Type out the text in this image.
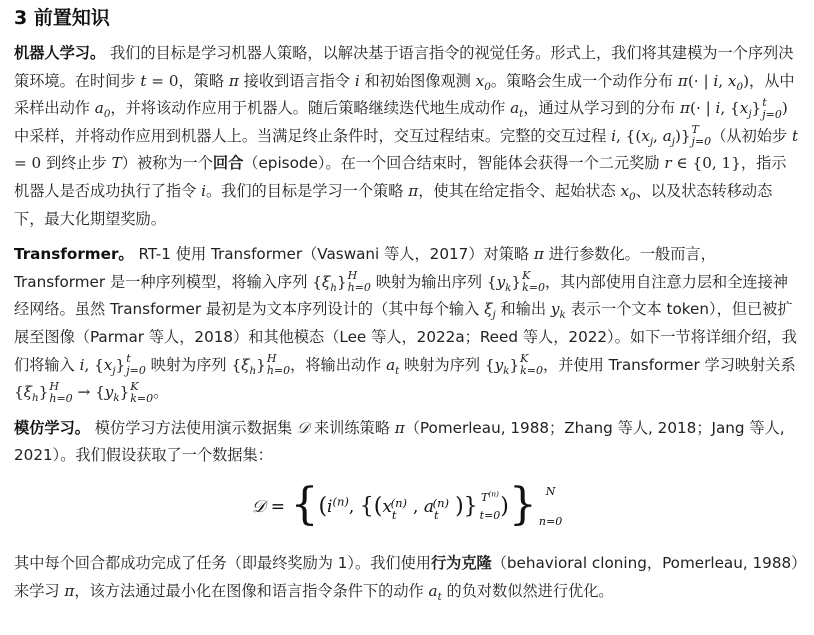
3 前置知识

机器人学习。 我们的目标是学习机器人策略，以解决基于语言指令的视觉任务。形式上，我们将其建模为一个序列决策环境。在时间步 t = 0，策略 π 接收到语言指令 i 和初始图像观测 $x_0$。策略会生成一个动作分布 π(· | i, $x_0$)，从中采样出动作 $a_0$，并将该动作应用于机器人。随后策略继续迭代地生成动作 $a_t$，通过从学习到的分布 π(· | i, $\{x_j\}$ t
j=0 ) 中采样，并将动作应用到机器人上。当满足终止条件时，交互过程结束。完整的交互过程 i, {($x_j$, $a_j$)} T
j=0 （从初始步 t = 0 到终止步 T）被称为一个回合（episode）。在一个回合结束时，智能体会获得一个二元奖励 r ∈ {0, 1}，指示机器人是否成功执行了指令 i。我们的目标是学习一个策略 π，使其在给定指令、起始状态 $x_0$、以及状态转移动态下，最大化期望奖励。

Transformer。 RT-1 使用 Transformer（Vaswani 等人，2017）对策略 π 进行参数化。一般而言，Transformer 是一种序列模型，将输入序列 $\{\xi_h\}$ H
h=0 映射为输出序列 $\{y_k\}$ K
k=0 ，其内部使用自注意力层和全连接神经网络。虽然 Transformer 最初是为文本序列设计的（其中每个输入 $\xi_j$ 和输出 $y_k$ 表示一个文本 token），但已被扩展至图像（Parmar 等人，2018）和其他模态（Lee 等人，2022a；Reed 等人，2022）。如下一节将详细介绍，我们将输入 i, $\{x_j\}$ t
j=0 映射为序列 $\{\xi_h\}$ H
h=0 ，将输出动作 $a_t$ 映射为序列 $\{y_k\}$ K
k=0 ，并使用 Transformer 学习映射关系 $\{\xi_h\}$ H
$h=0 \to \{y_k\}$ K
k=0 。

模仿学习。 模仿学习方法使用演示数据集 𝒟 来训练策略 π（Pomerleau, 1988；Zhang 等人, 2018；Jang 等人, 2021）。我们假设获取了一个数据集：

𝒟
=
{ ( $i^{(n)}$ , {( $x_t$
$^{(n)}$ ,
$a_t$
$^{(n)}$ )} $T^{(n)}$
t=0 ) } N
n=0

其中每个回合都成功完成了任务（即最终奖励为 1）。我们使用行为克隆（behavioral cloning，Pomerleau, 1988）来学习 π，该方法通过最小化在图像和语言指令条件下的动作 $a_t$ 的负对数似然进行优化。
